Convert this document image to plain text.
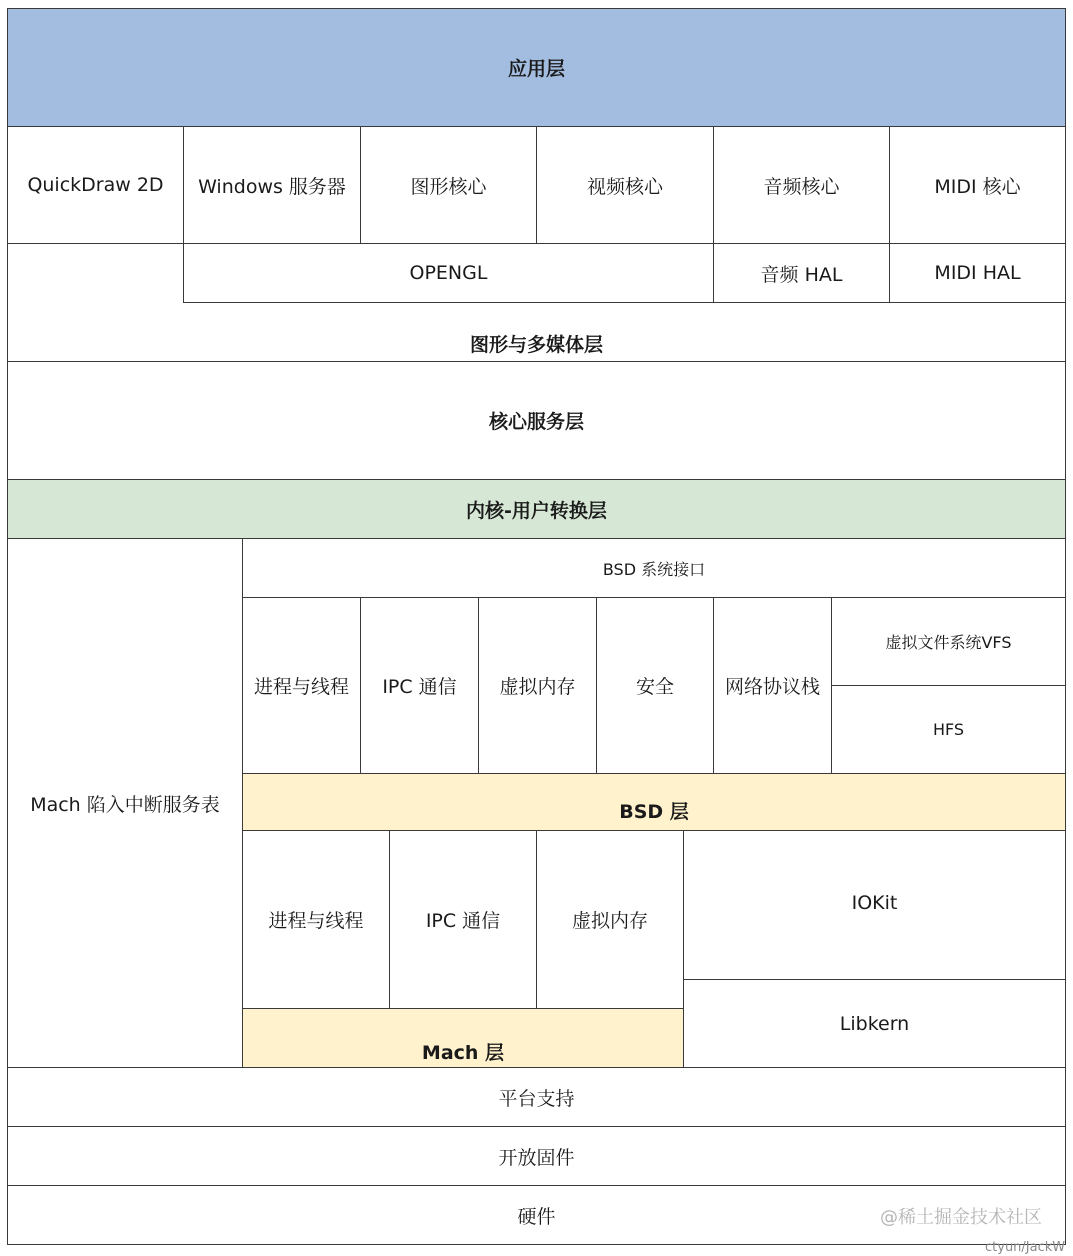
应用层
图形与多媒体层
QuickDraw 2D	Windows 服务器	图形核心	视频核心	音频核心	MIDI 核心
OPENGL	音频 HAL	MIDI HAL
核心服务层
内核-用户转换层
Mach 陷入中断服务表
BSD 系统接口
进程与线程	IPC 通信	虚拟内存	安全	网络协议栈
虚拟文件系统VFS
HFS
BSD 层
进程与线程	IPC 通信	虚拟内存
Mach 层
IOKit
Libkern
平台支持
开放固件
硬件	@稀土掘金技术社区
ctyun/JackW
